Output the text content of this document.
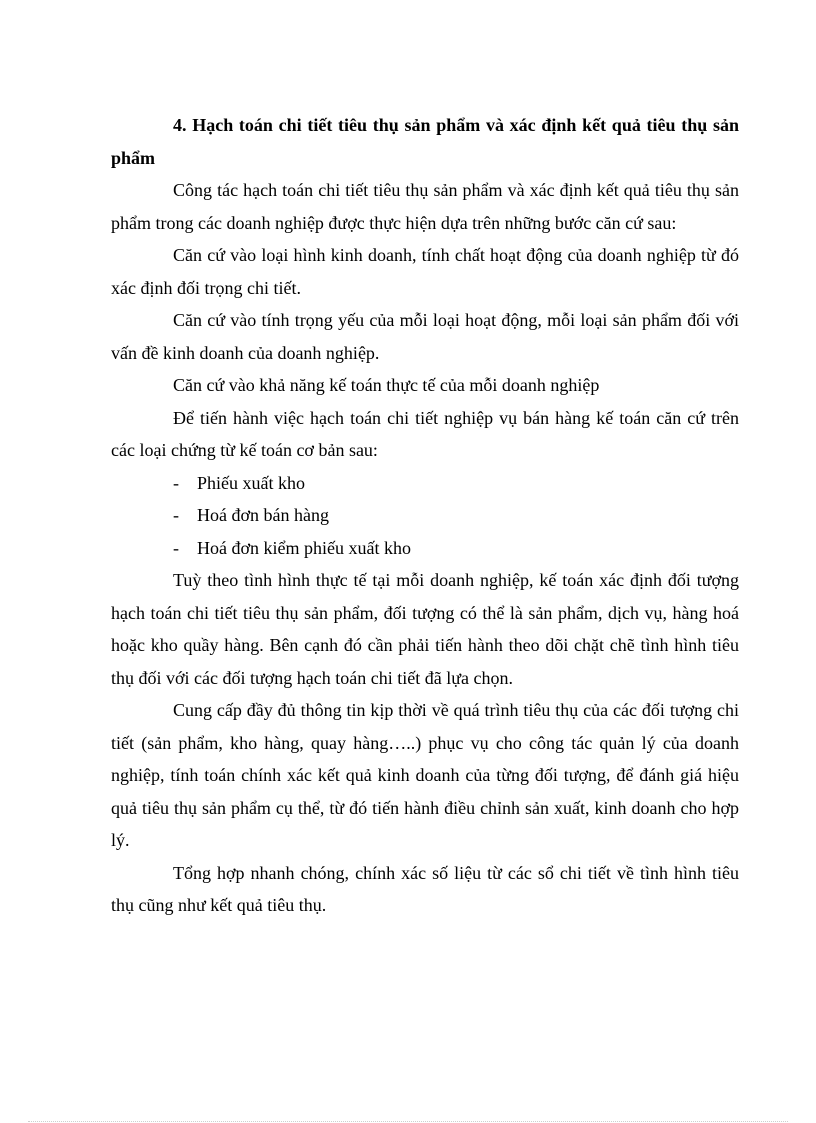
4. Hạch toán chi tiết tiêu thụ sản phẩm và xác định kết quả tiêu thụ sản phẩm

Công tác hạch toán chi tiết tiêu thụ sản phẩm và xác định kết quả tiêu thụ sản phẩm trong các doanh nghiệp được thực hiện dựa trên những bước căn cứ sau:

Căn cứ vào loại hình kinh doanh, tính chất hoạt động của doanh nghiệp từ đó xác định đối trọng chi tiết.

Căn cứ vào tính trọng yếu của mỗi loại hoạt động, mỗi loại sản phẩm đối với vấn đề kinh doanh của doanh nghiệp.

Căn cứ vào khả năng kế toán thực tế của mỗi doanh nghiệp

Để tiến hành việc hạch toán chi tiết nghiệp vụ bán hàng kế toán căn cứ trên các loại chứng từ kế toán cơ bản sau:

- Phiếu xuất kho
- Hoá đơn bán hàng
- Hoá đơn kiểm phiếu xuất kho

Tuỳ theo tình hình thực tế tại mỗi doanh nghiệp, kế toán xác định đối tượng hạch toán chi tiết tiêu thụ sản phẩm, đối tượng có thể là sản phẩm, dịch vụ, hàng hoá hoặc kho quầy hàng. Bên cạnh đó cần phải tiến hành theo dõi chặt chẽ tình hình tiêu thụ đối với các đối tượng hạch toán chi tiết đã lựa chọn.

Cung cấp đầy đủ thông tin kịp thời về quá trình tiêu thụ của các đối tượng chi tiết (sản phẩm, kho hàng, quay hàng…..) phục vụ cho công tác quản lý của doanh nghiệp, tính toán chính xác kết quả kinh doanh của từng đối tượng, để đánh giá hiệu quả tiêu thụ sản phẩm cụ thể, từ đó tiến hành điều chỉnh sản xuất, kinh doanh cho hợp lý.

Tổng hợp nhanh chóng, chính xác số liệu từ các sổ chi tiết về tình hình tiêu thụ cũng như kết quả tiêu thụ.
